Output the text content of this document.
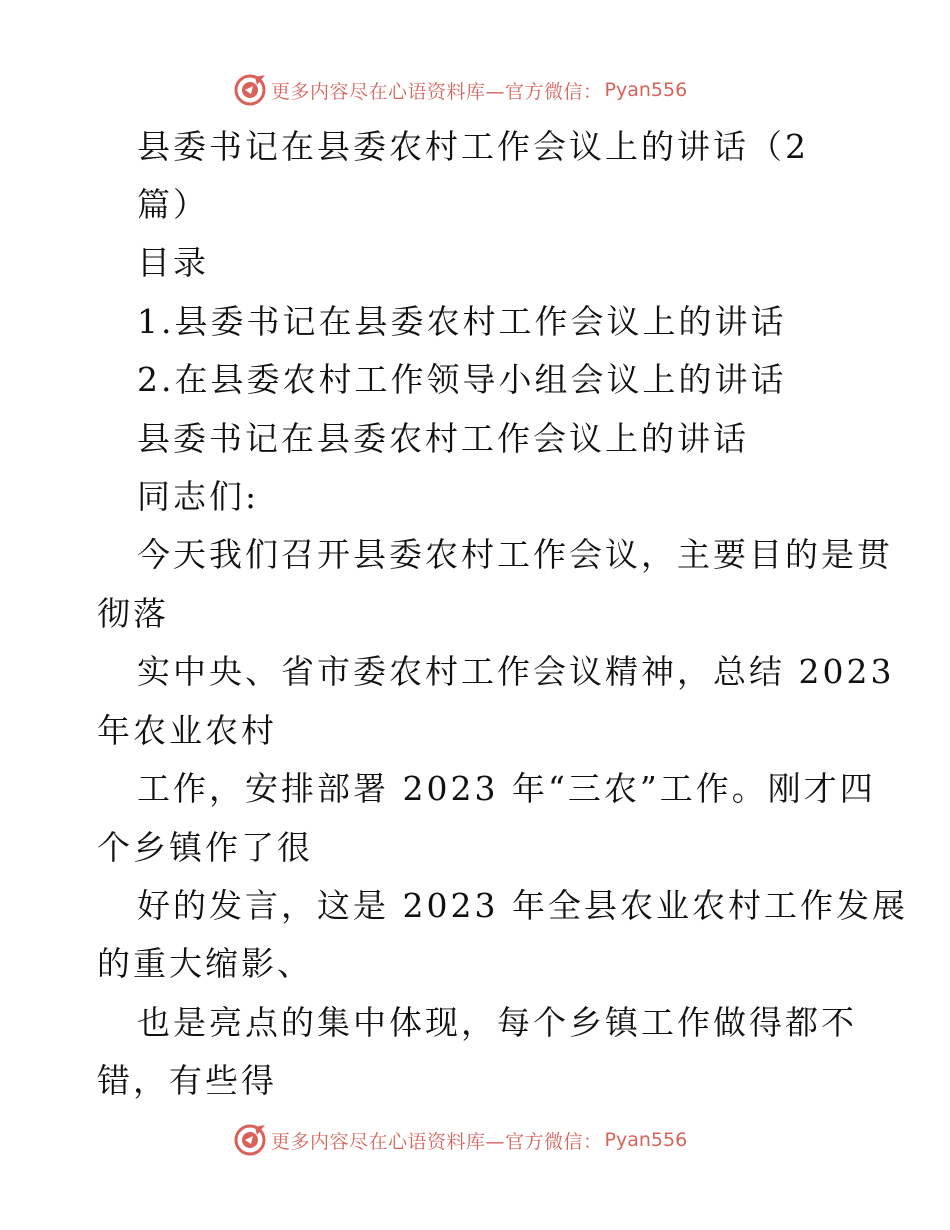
更多内容尽在心语资料库—官方微信： Pyan556
县委书记在县委农村工作会议上的讲话（2
篇）
目录
1.县委书记在县委农村工作会议上的讲话
2.在县委农村工作领导小组会议上的讲话
县委书记在县委农村工作会议上的讲话
同志们:
今天我们召开县委农村工作会议，主要目的是贯
彻落
实中央、省市委农村工作会议精神，总结 2023
年农业农村
工作，安排部署 2023 年“三农”工作。刚才四
个乡镇作了很
好的发言，这是 2023 年全县农业农村工作发展
的重大缩影、
也是亮点的集中体现，每个乡镇工作做得都不
错，有些得
更多内容尽在心语资料库—官方微信： Pyan556
